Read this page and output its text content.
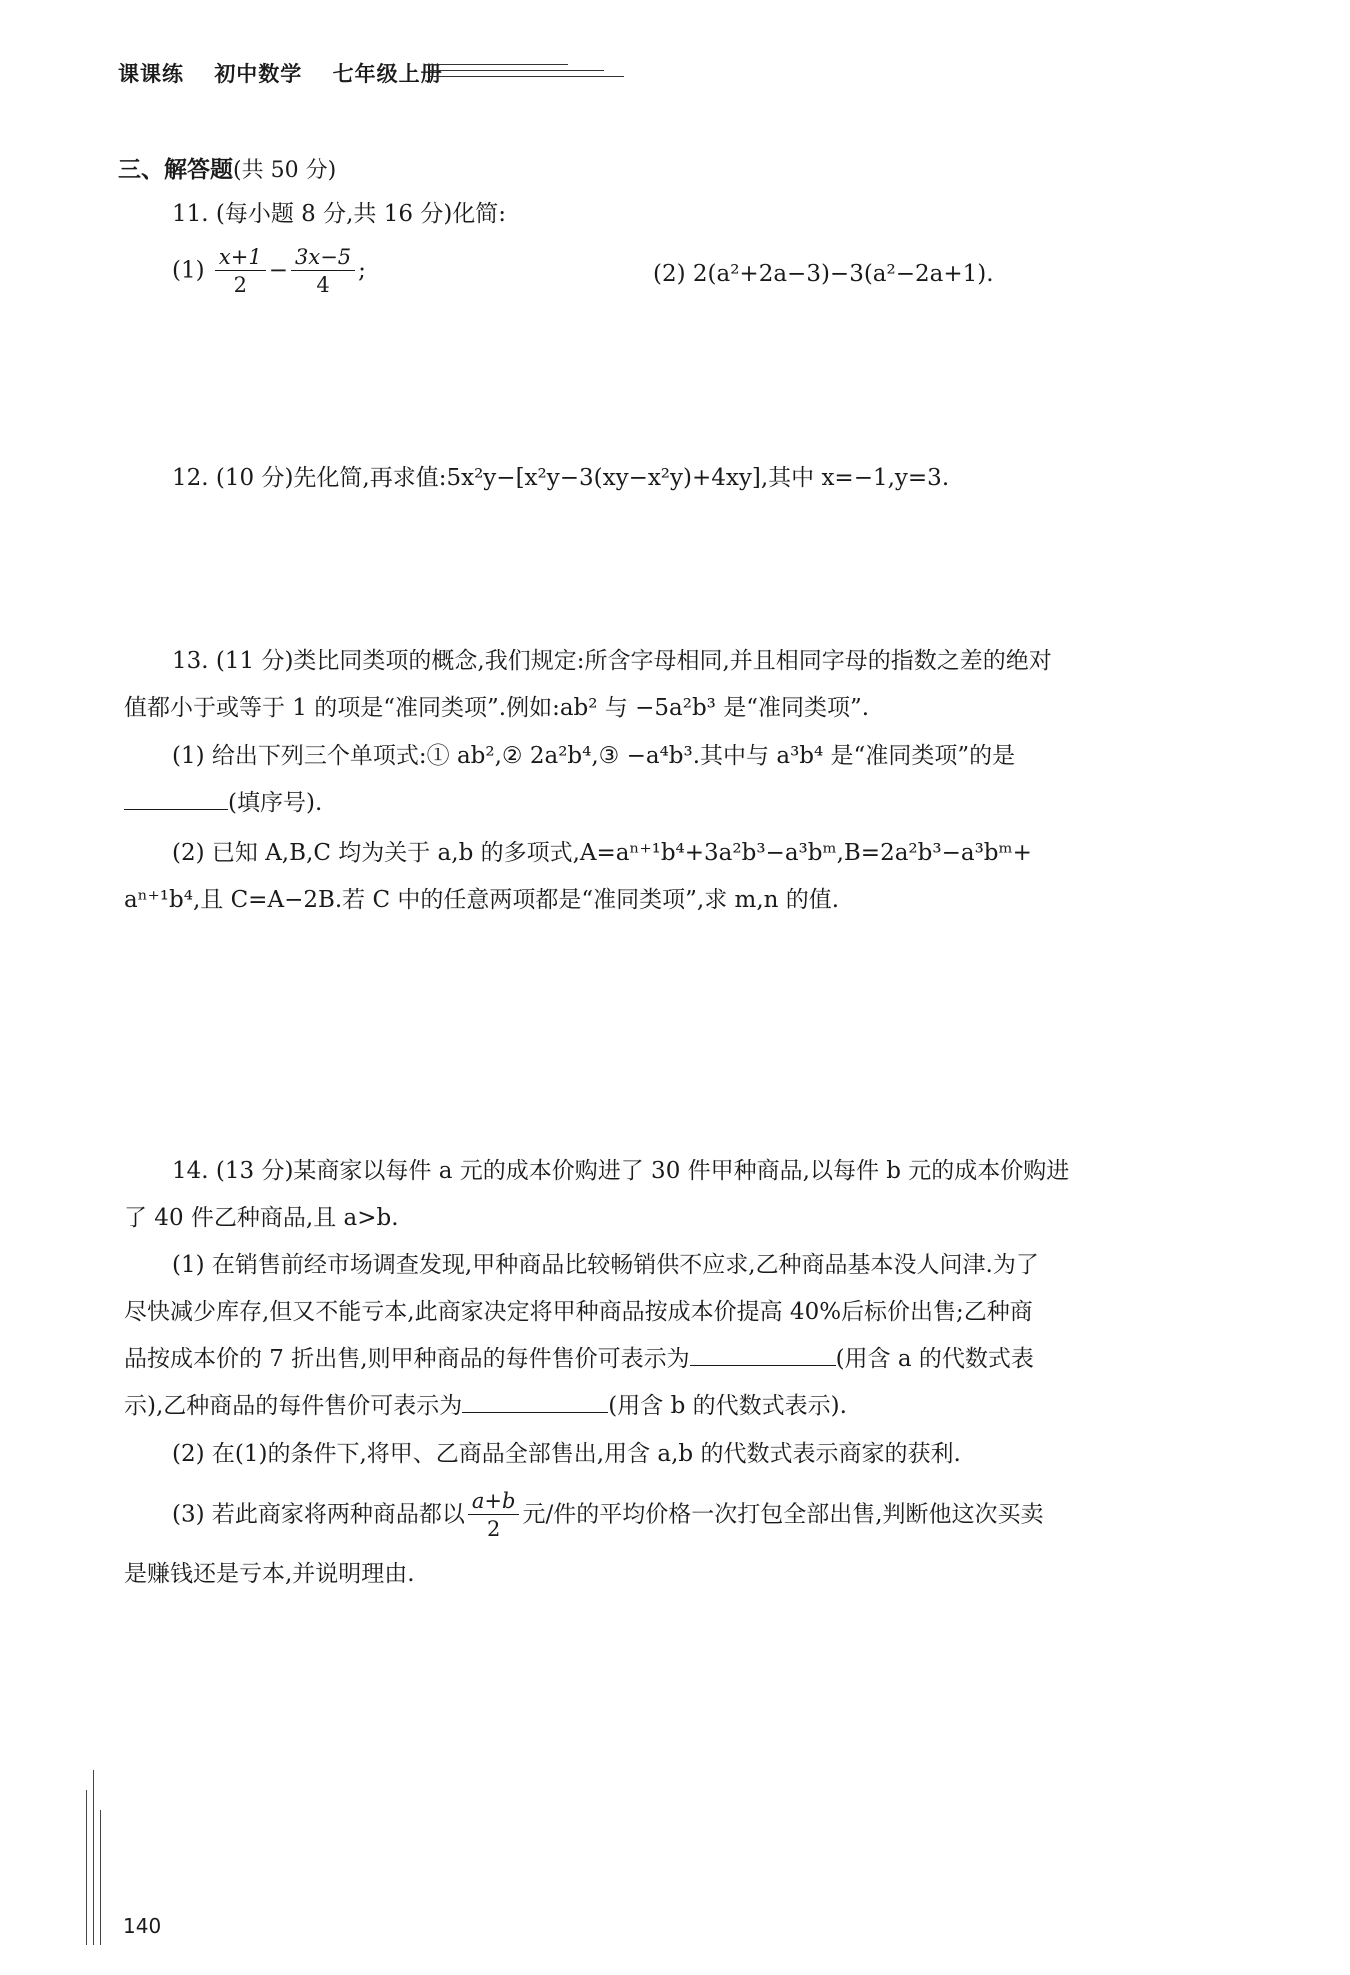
课课练 初中数学 七年级上册
三、解答题(共 50 分)
11. (每小题 8 分,共 16 分)化简:
$(1) \frac{x+1}{2} - \frac{3x-5}{4}$ ;	(2) 2(a²+2a−3)−3(a²−2a+1).
12. (10 分)先化简,再求值:5x²y−[x²y−3(xy−x²y)+4xy],其中 x=−1,y=3.
13. (11 分)类比同类项的概念,我们规定:所含字母相同,并且相同字母的指数之差的绝对
值都小于或等于 1 的项是“准同类项”.例如:ab² 与 −5a²b³ 是“准同类项”.
(1) 给出下列三个单项式:① ab²,② 2a²b⁴,③ −a⁴b³.其中与 a³b⁴ 是“准同类项”的是
(填序号).
(2) 已知 A,B,C 均为关于 a,b 的多项式,A=aⁿ⁺¹b⁴+3a²b³−a³bᵐ,B=2a²b³−a³bᵐ+
aⁿ⁺¹b⁴,且 C=A−2B.若 C 中的任意两项都是“准同类项”,求 m,n 的值.
14. (13 分)某商家以每件 a 元的成本价购进了 30 件甲种商品,以每件 b 元的成本价购进
了 40 件乙种商品,且 a>b.
(1) 在销售前经市场调查发现,甲种商品比较畅销供不应求,乙种商品基本没人问津.为了
尽快减少库存,但又不能亏本,此商家决定将甲种商品按成本价提高 40%后标价出售;乙种商
品按成本价的 7 折出售,则甲种商品的每件售价可表示为	(用含 a 的代数式表
示),乙种商品的每件售价可表示为	(用含 b 的代数式表示).
(2) 在(1)的条件下,将甲、乙商品全部售出,用含 a,b 的代数式表示商家的获利.
(3) 若此商家将两种商品都以 $\frac{a+b}{2}$ 元/件的平均价格一次打包全部出售,判断他这次买卖
是赚钱还是亏本,并说明理由.
140
